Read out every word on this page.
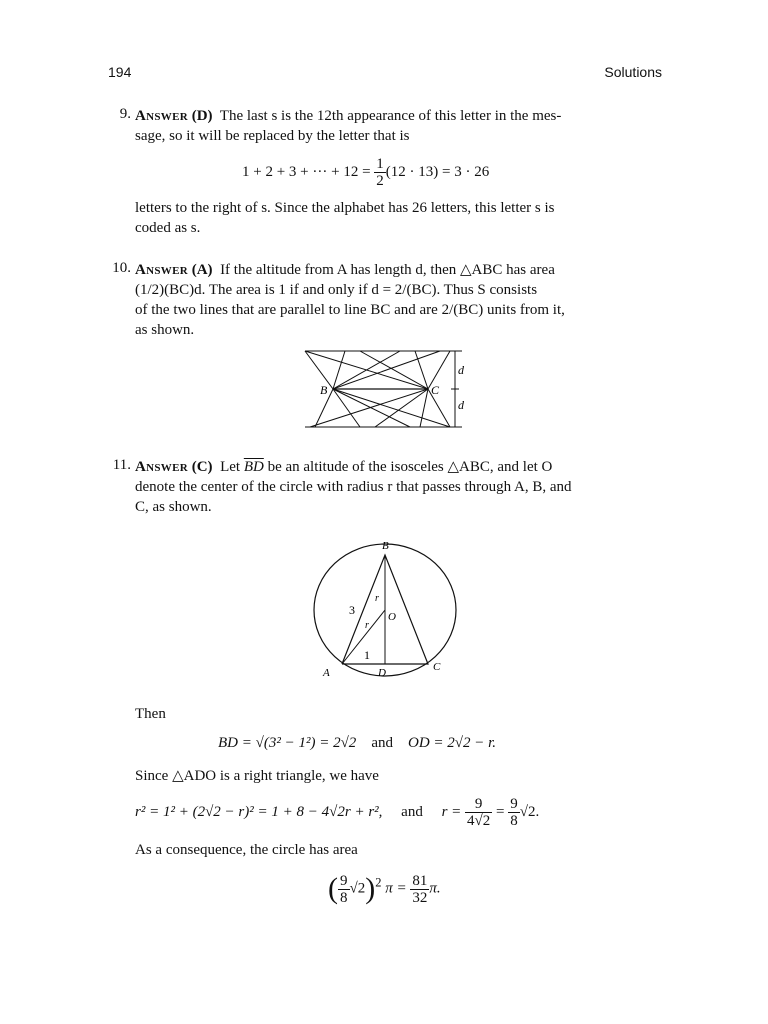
194	Solutions
9. Answer (D) The last s is the 12th appearance of this letter in the mes-
sage, so it will be replaced by the letter that is
1 + 2 + 3 + ··· + $12 = \frac{1}{2} (12 \cdot 13) = 3 \cdot 26$
letters to the right of s. Since the alphabet has 26 letters, this letter s is
coded as s.
10. Answer (A) If the altitude from A has length d, then △ABC has area
(1/2)(BC)d. The area is 1 if and only if d = 2/(BC). Thus S consists
of the two lines that are parallel to line BC and are 2/(BC) units from it,
as shown.
B	C
d
d
11. Answer (C) Let $\overline{BD}$ be an altitude of the isosceles △ABC, and let O
denote the center of the circle with radius r that passes through A, B, and
C, as shown.
B
A	C
D
O
r
r
3
1
Then
BD = √(3² − 1²) = 2√2 and OD = 2√2 − r.
Since △ADO is a right triangle, we have
r² = 1² + (2√2 − r)² = 1 + 8 − 4√2r + r², and $r = \frac{9}{4√2} = \frac{9}{8} √2$.
As a consequence, the circle has area
( $\frac{9}{8} √2)^2$ $\pi = \frac{81}{32} \pi$.
